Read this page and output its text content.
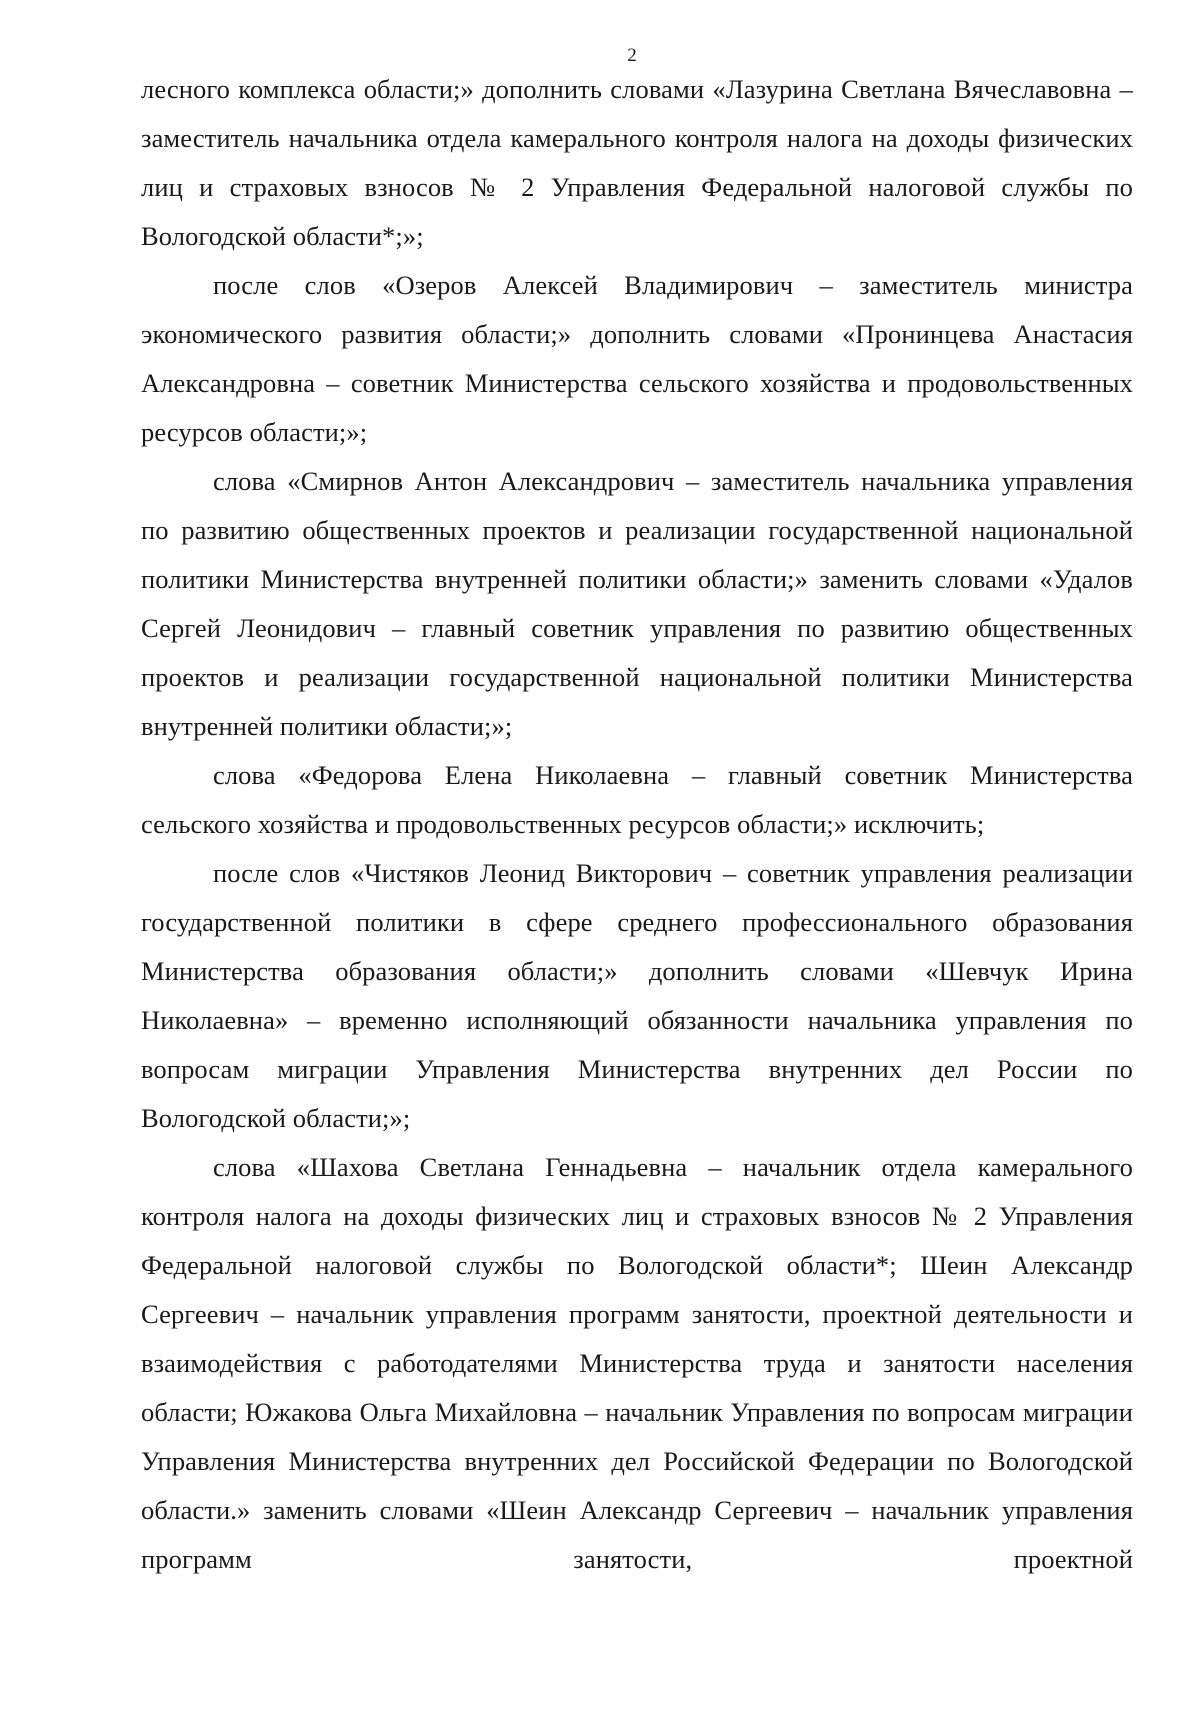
2

лесного комплекса области;» дополнить словами «Лазурина Светлана Вячеславовна – заместитель начальника отдела камерального контроля налога на доходы физических лиц и страховых взносов № 2 Управления Федеральной налоговой службы по Вологодской области*;»;

после слов «Озеров Алексей Владимирович – заместитель министра экономического развития области;» дополнить словами «Прoнинцева Анастасия Александровна – советник Министерства сельского хозяйства и продовольственных ресурсов области;»;

слова «Смирнов Антон Александрович – заместитель начальника управления по развитию общественных проектов и реализации государственной национальной политики Министерства внутренней политики области;» заменить словами «Удалов Сергей Леонидович – главный советник управления по развитию общественных проектов и реализации государственной национальной политики Министерства внутренней политики области;»;

слова «Федорова Елена Николаевна – главный советник Министерства сельского хозяйства и продовольственных ресурсов области;» исключить;

после слов «Чистяков Леонид Викторович – советник управления реализации государственной политики в сфере среднего профессионального образования Министерства образования области;» дополнить словами «Шевчук Ирина Николаевна» – временно исполняющий обязанности начальника управления по вопросам миграции Управления Министерства внутренних дел России по Вологодской области;»;

слова «Шахова Светлана Геннадьевна – начальник отдела камерального контроля налога на доходы физических лиц и страховых взносов № 2 Управления Федеральной налоговой службы по Вологодской области*; Шеин Александр Сергеевич – начальник управления программ занятости, проектной деятельности и взаимодействия с работодателями Министерства труда и занятости населения области; Южакова Ольга Михайловна – начальник Управления по вопросам миграции Управления Министерства внутренних дел Российской Федерации по Вологодской области.» заменить словами «Шеин Александр Сергеевич – начальник управления программ занятости, проектной
